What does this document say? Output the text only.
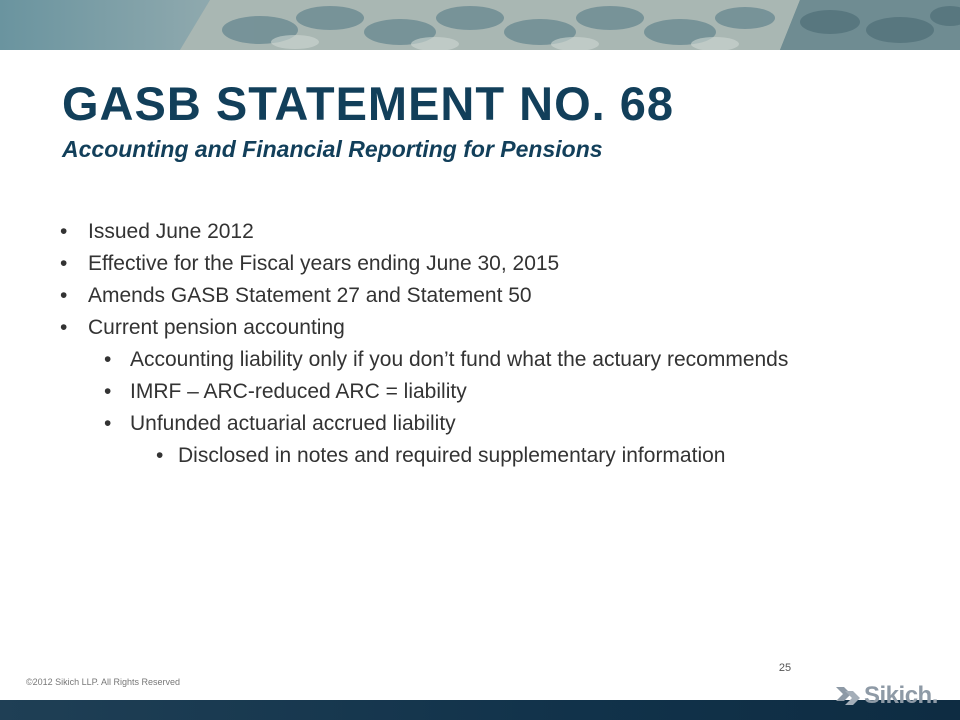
GASB STATEMENT NO. 68

Accounting and Financial Reporting for Pensions

• Issued June 2012
• Effective for the Fiscal years ending June 30, 2015
• Amends GASB Statement 27 and Statement 50
• Current pension accounting
• Accounting liability only if you don’t fund what the actuary recommends
• IMRF – ARC-reduced ARC = liability
• Unfunded actuarial accrued liability
• Disclosed in notes and required supplementary information
25
©2012 Sikich LLP. All Rights Reserved	Sikich.
